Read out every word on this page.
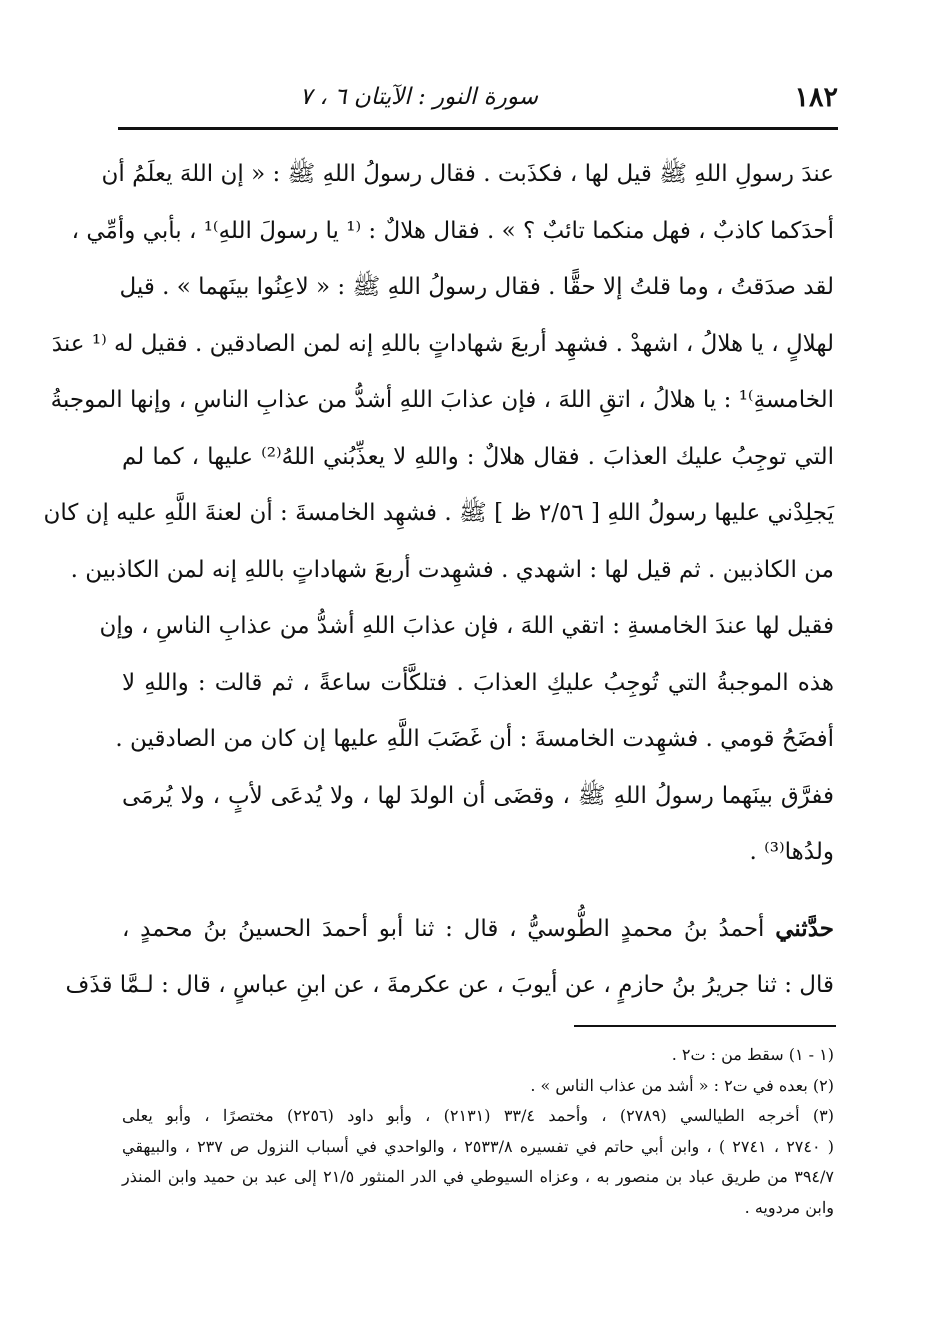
١٨٢
سورة النور : الآيتان ٦ ، ٧
عندَ رسولِ اللهِ ﷺ قيل لها ، فكذَبت . فقال رسولُ اللهِ ﷺ : « إن اللهَ يعلَمُ أن
أحدَكما كاذبٌ ، فهل منكما تائبٌ ؟ » . فقال هلالٌ : ⁽¹ يا رسولَ اللهِ⁾¹ ، بأبي وأمِّي ،
لقد صدَقتُ ، وما قلتُ إلا حقًّا . فقال رسولُ اللهِ ﷺ : « لاعِنُوا بينَهما » . قيل
لهلالٍ ، يا هلالُ ، اشهدْ . فشهِد أربعَ شهاداتٍ باللهِ إنه لمن الصادقين . فقيل له ⁽¹ عندَ
الخامسةِ⁾¹ : يا هلالُ ، اتقِ اللهَ ، فإن عذابَ اللهِ أشدُّ من عذابِ الناسِ ، وإنها الموجبةُ
التي توجِبُ عليك العذابَ . فقال هلالٌ : واللهِ لا يعذِّبُني اللهُ⁽²⁾ عليها ، كما لم
يَجلِدْني عليها رسولُ اللهِ [ ٢/٥٦ ظ ] ﷺ . فشهِد الخامسةَ : أن لعنةَ اللَّهِ عليه إن كان
من الكاذبين . ثم قيل لها : اشهدي . فشهِدت أربعَ شهاداتٍ باللهِ إنه لمن الكاذبين .
فقيل لها عندَ الخامسةِ : اتقي اللهَ ، فإن عذابَ اللهِ أشدُّ من عذابِ الناسِ ، وإن
هذه الموجبةُ التي تُوجِبُ عليكِ العذابَ . فتلكَّأت ساعةً ، ثم قالت : واللهِ لا
أفضَحُ قومي . فشهِدت الخامسةَ : أن غَضَبَ اللَّهِ عليها إن كان من الصادقين .
ففرَّق بينَهما رسولُ اللهِ ﷺ ، وقضَى أن الولدَ لها ، ولا يُدعَى لأبٍ ، ولا يُرمَى
ولدُها⁽³⁾ .
حدَّثني أحمدُ بنُ محمدٍ الطُّوسيُّ ، قال : ثنا أبو أحمدَ الحسينُ بنُ محمدٍ ،
قال : ثنا جريرُ بنُ حازمٍ ، عن أيوبَ ، عن عكرمةَ ، عن ابنِ عباسٍ ، قال : لـمَّا قذَف
(١ - ١) سقط من : ت٢ .
(٢) بعده في ت٢ : « أشد من عذاب الناس » .
(٣) أخرجه الطيالسي (٢٧٨٩) ، وأحمد ٣٣/٤ (٢١٣١) ، وأبو داود (٢٢٥٦) مختصرًا ، وأبو يعلى
( ٢٧٤٠ ، ٢٧٤١ ) ، وابن أبي حاتم في تفسيره ٢٥٣٣/٨ ، والواحدي في أسباب النزول ص ٢٣٧ ، والبيهقي
٣٩٤/٧ من طريق عباد بن منصور به ، وعزاه السيوطي في الدر المنثور ٢١/٥ إلى عبد بن حميد وابن المنذر
وابن مردويه .
